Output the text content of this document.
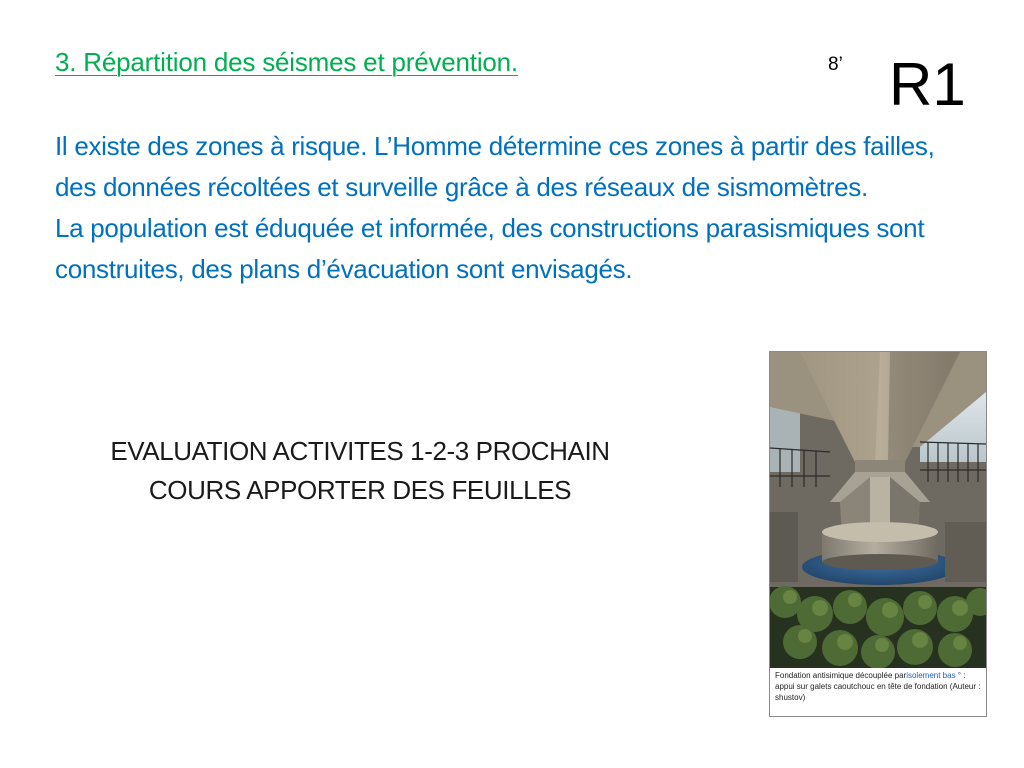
3. Répartition des séismes et prévention.	8’ R1

Il existe des zones à risque. L’Homme détermine ces zones à partir des failles, des données récoltées et surveille grâce à des réseaux de sismomètres.

La population est éduquée et informée, des constructions parasismiques sont construites, des plans d’évacuation sont envisagés.

EVALUATION ACTIVITES 1-2-3 PROCHAIN
COURS APPORTER DES FEUILLES
Fondation antisimique découplée parisolement bas ° : appui sur galets caoutchouc en tête de fondation (Auteur : shustov)
